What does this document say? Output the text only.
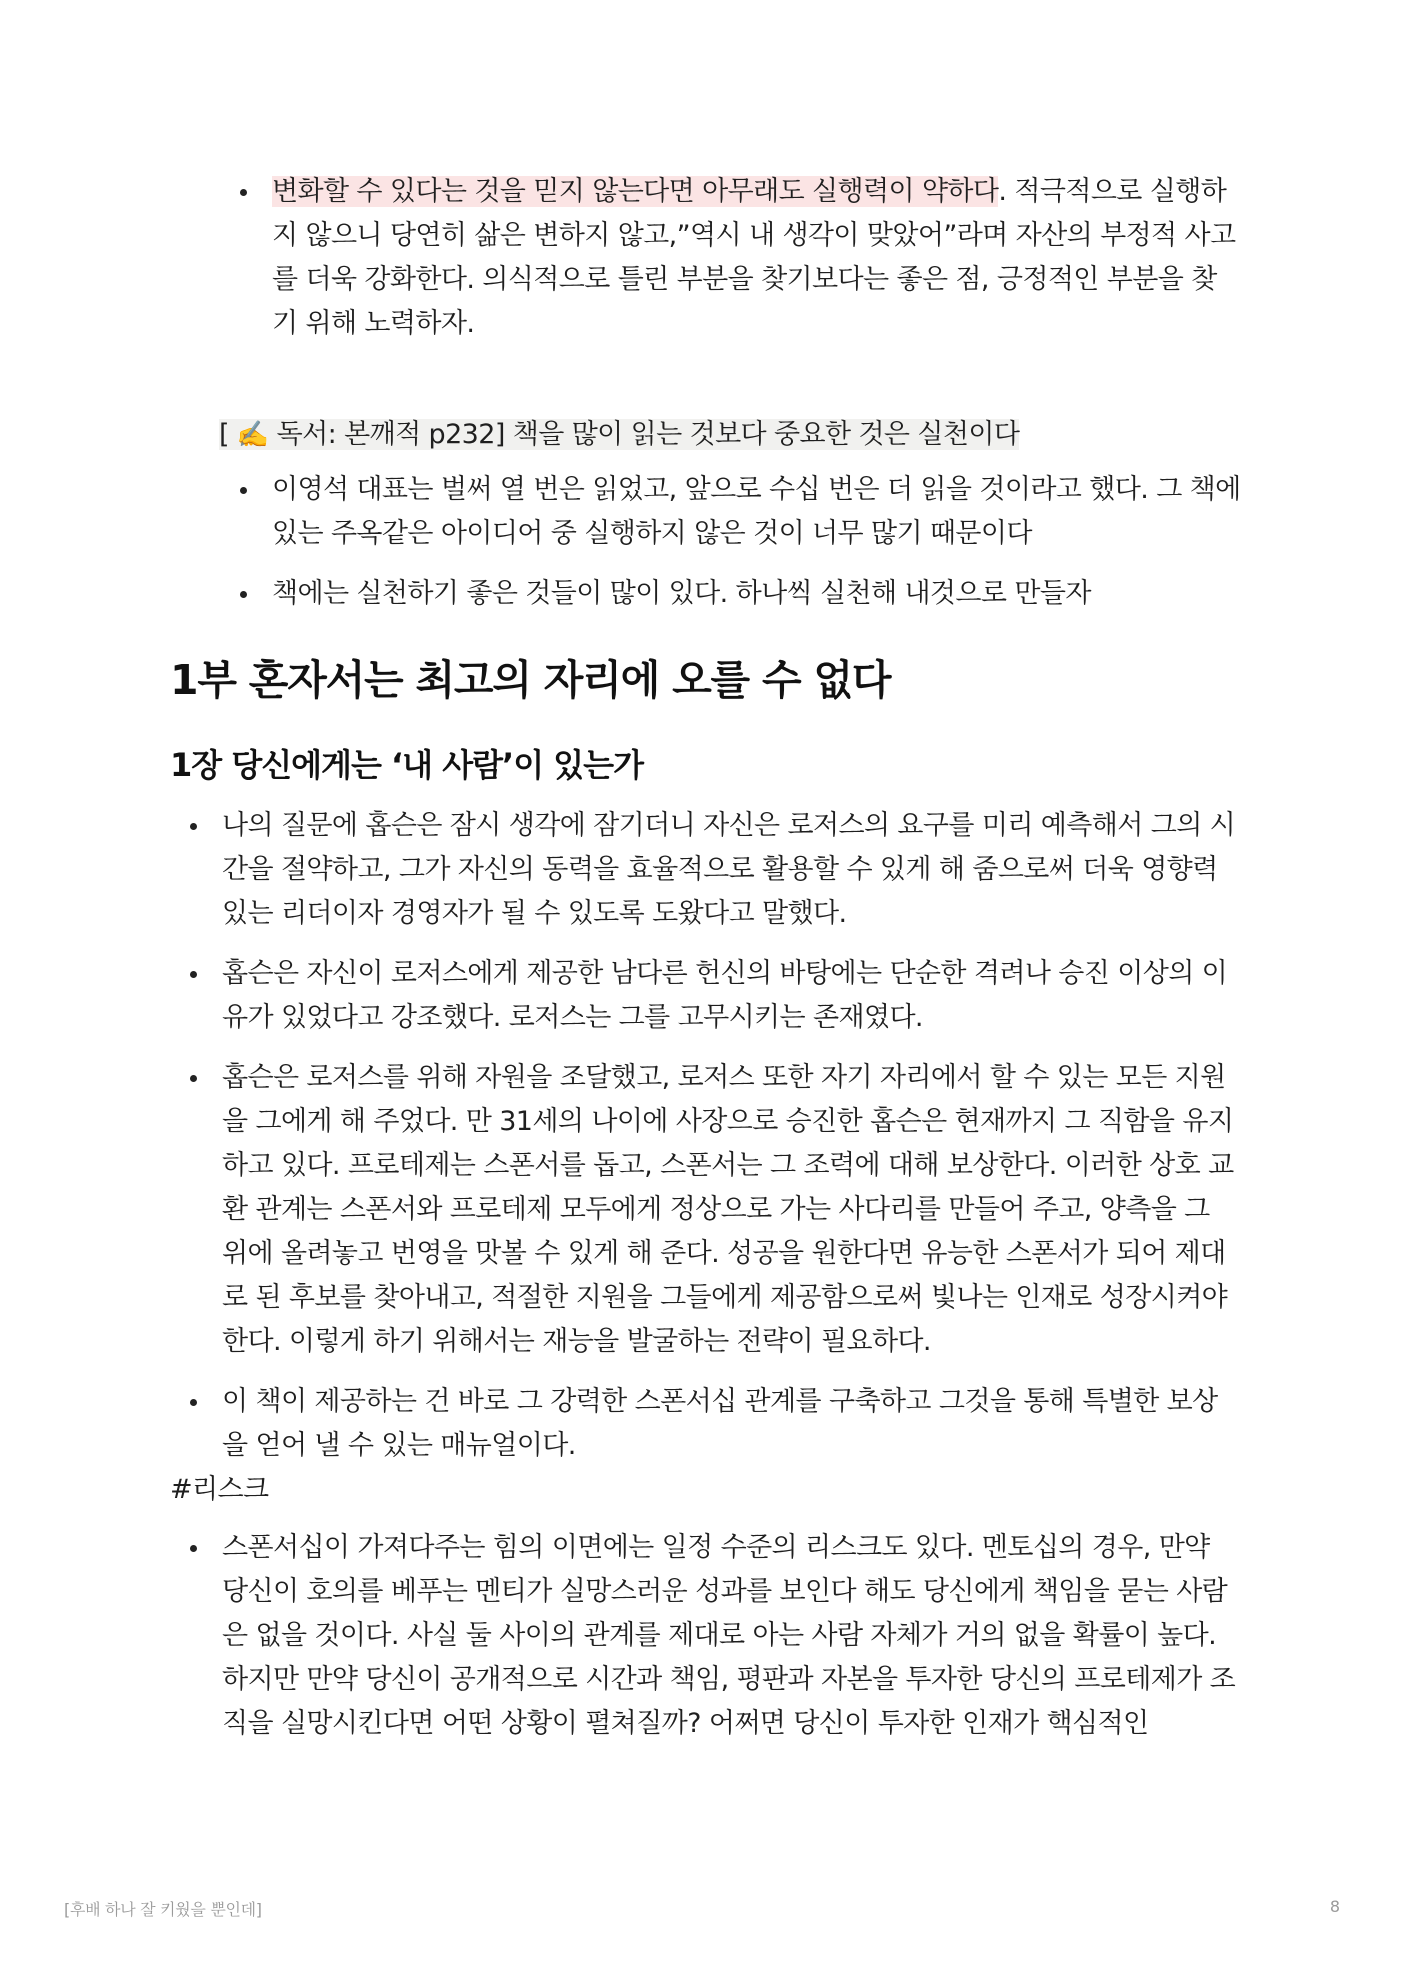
변화할 수 있다는 것을 믿지 않는다면 아무래도 실행력이 약하다. 적극적으로 실행하지 않으니 당연히 삶은 변하지 않고,”역시 내 생각이 맞았어”라며 자산의 부정적 사고를 더욱 강화한다. 의식적으로 틀린 부분을 찾기보다는 좋은 점, 긍정적인 부분을 찾기 위해 노력하자.
[ ✍️ 독서: 본깨적 p232] 책을 많이 읽는 것보다 중요한 것은 실천이다
이영석 대표는 벌써 열 번은 읽었고, 앞으로 수십 번은 더 읽을 것이라고 했다. 그 책에 있는 주옥같은 아이디어 중 실행하지 않은 것이 너무 많기 때문이다
책에는 실천하기 좋은 것들이 많이 있다. 하나씩 실천해 내것으로 만들자
1부 혼자서는 최고의 자리에 오를 수 없다
1장 당신에게는 ‘내 사람’이 있는가
나의 질문에 홉슨은 잠시 생각에 잠기더니 자신은 로저스의 요구를 미리 예측해서 그의 시간을 절약하고, 그가 자신의 동력을 효율적으로 활용할 수 있게 해 줌으로써 더욱 영향력 있는 리더이자 경영자가 될 수 있도록 도왔다고 말했다.
홉슨은 자신이 로저스에게 제공한 남다른 헌신의 바탕에는 단순한 격려나 승진 이상의 이유가 있었다고 강조했다. 로저스는 그를 고무시키는 존재였다.
홉슨은 로저스를 위해 자원을 조달했고, 로저스 또한 자기 자리에서 할 수 있는 모든 지원을 그에게 해 주었다. 만 31세의 나이에 사장으로 승진한 홉슨은 현재까지 그 직함을 유지하고 있다. 프로테제는 스폰서를 돕고, 스폰서는 그 조력에 대해 보상한다. 이러한 상호 교환 관계는 스폰서와 프로테제 모두에게 정상으로 가는 사다리를 만들어 주고, 양측을 그 위에 올려놓고 번영을 맛볼 수 있게 해 준다. 성공을 원한다면 유능한 스폰서가 되어 제대로 된 후보를 찾아내고, 적절한 지원을 그들에게 제공함으로써 빛나는 인재로 성장시켜야 한다. 이렇게 하기 위해서는 재능을 발굴하는 전략이 필요하다.
이 책이 제공하는 건 바로 그 강력한 스폰서십 관계를 구축하고 그것을 통해 특별한 보상을 얻어 낼 수 있는 매뉴얼이다.
#리스크
스폰서십이 가져다주는 힘의 이면에는 일정 수준의 리스크도 있다. 멘토십의 경우, 만약 당신이 호의를 베푸는 멘티가 실망스러운 성과를 보인다 해도 당신에게 책임을 묻는 사람은 없을 것이다. 사실 둘 사이의 관계를 제대로 아는 사람 자체가 거의 없을 확률이 높다. 하지만 만약 당신이 공개적으로 시간과 책임, 평판과 자본을 투자한 당신의 프로테제가 조직을 실망시킨다면 어떤 상황이 펼쳐질까? 어쩌면 당신이 투자한 인재가 핵심적인
[후배 하나 잘 키웠을 뿐인데]	8
